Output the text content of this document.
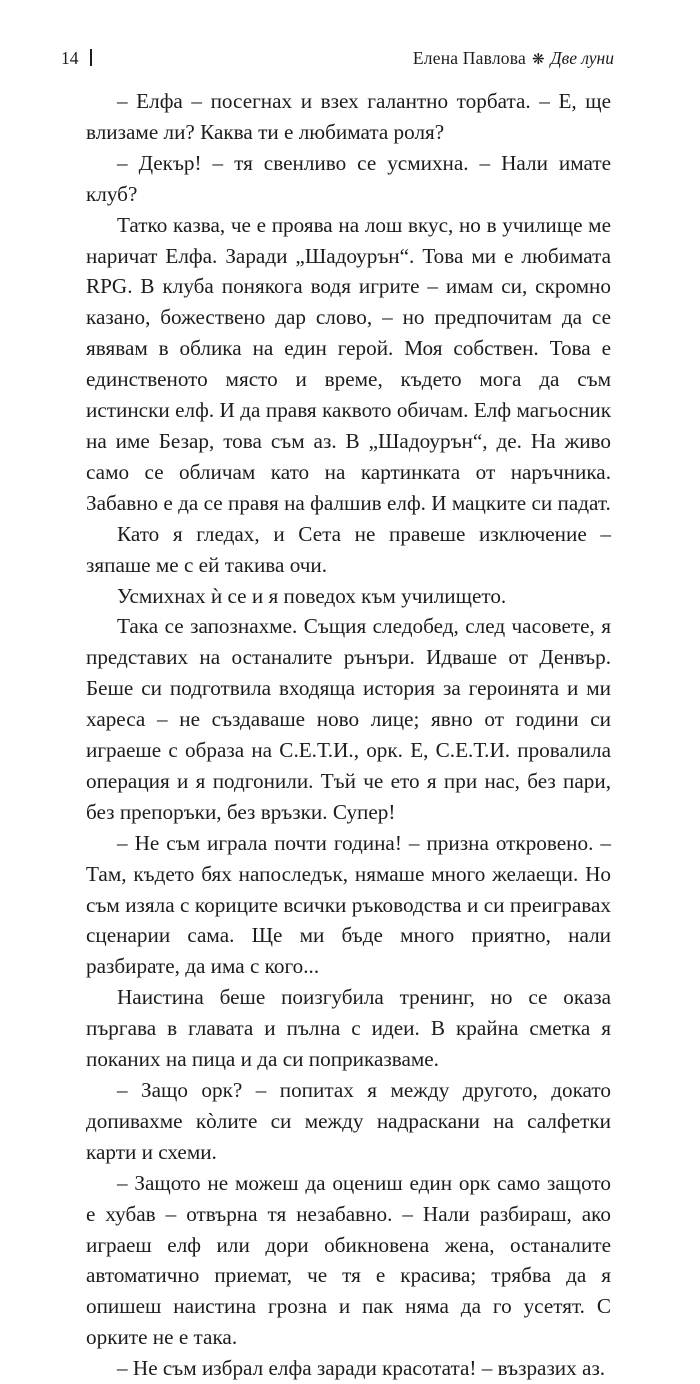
14	Елена Павлова ❋ Две луни

– Елфа – посегнах и взех галантно торбата. – Е, ще влизаме ли? Каква ти е любимата роля?

– Декър! – тя свенливо се усмихна. – Нали имате клуб?

Татко казва, че е проява на лош вкус, но в училище ме наричат Елфа. Заради „Шадоурън“. Това ми е любимата RPG. В клуба понякога водя игрите – имам си, скромно казано, божествено дар слово, – но предпочитам да се явявам в облика на един герой. Моя собствен. Това е единственото място и време, където мога да съм истински елф. И да правя каквото обичам. Елф магьосник на име Безар, това съм аз. В „Шадоурън“, де. На живо само се обличам като на картинката от наръчника. Забавно е да се правя на фалшив елф. И мацките си падат.

Като я гледах, и Сета не правеше изключение – зяпаше ме с ей такива очи.

Усмихнах ѝ се и я поведох към училището.

Така се запознахме. Същия следобед, след часовете, я представих на останалите рънъри. Идваше от Денвър. Беше си подготвила входяща история за героинята и ми хареса – не създаваше ново лице; явно от години си играеше с образа на С.Е.Т.И., орк. Е, С.Е.Т.И. провалила операция и я подгонили. Тъй че ето я при нас, без пари, без препоръки, без връзки. Супер!

– Не съм играла почти година! – призна откровено. – Там, където бях напоследък, нямаше много желаещи. Но съм изяла с кориците всички ръководства и си преигравах сценарии сама. Ще ми бъде много приятно, нали разбирате, да има с кого...

Наистина беше поизгубила тренинг, но се оказа пъргава в главата и пълна с идеи. В крайна сметка я поканих на пица и да си поприказваме.

– Защо орк? – попитах я между другото, докато допивахме кòлите си между надраскани на салфетки карти и схеми.

– Защото не можеш да оцениш един орк само защото е хубав – отвърна тя незабавно. – Нали разбираш, ако играеш елф или дори обикновена жена, останалите автоматично приемат, че тя е красива; трябва да я опишеш наистина грозна и пак няма да го усетят. С орките не е така.

– Не съм избрал елфа заради красотата! – възразих аз.
